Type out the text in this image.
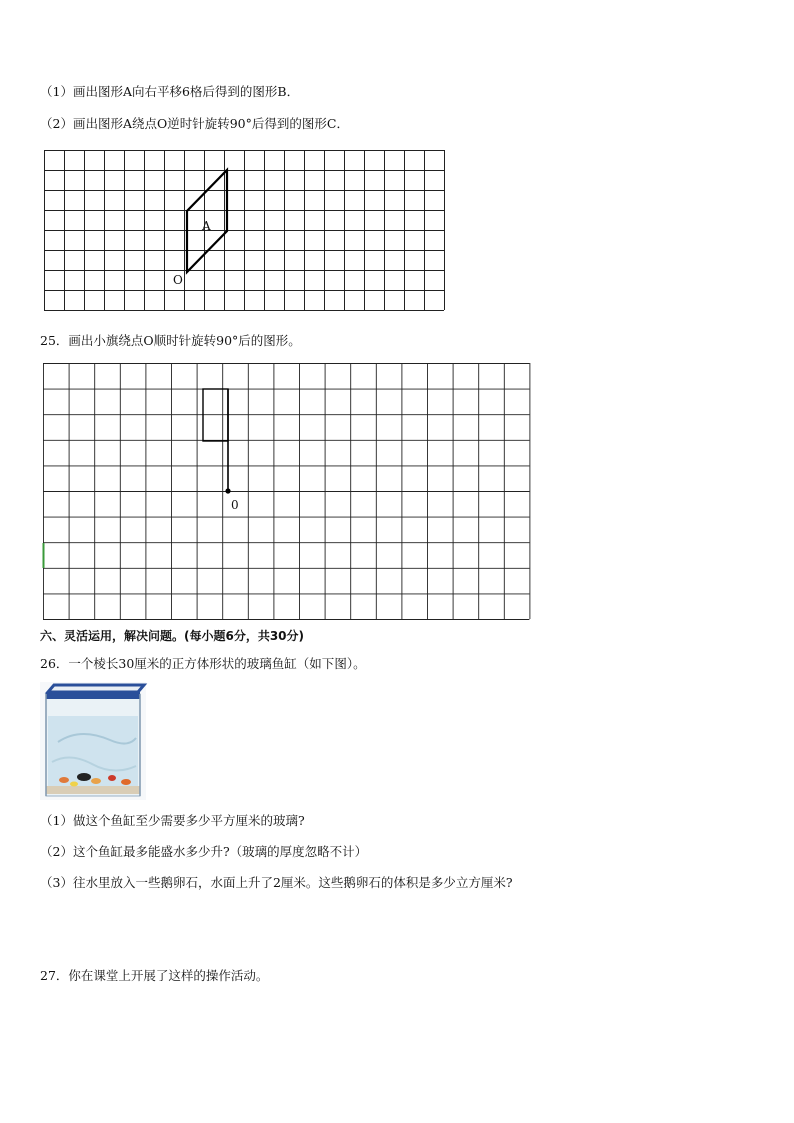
（1）画出图形A向右平移6格后得到的图形B．
（2）画出图形A绕点O逆时针旋转90°后得到的图形C．
A
O
25．画出小旗绕点O顺时针旋转90°后的图形。
0
六、灵活运用，解决问题。(每小题6分，共30分)
26．一个棱长30厘米的正方体形状的玻璃鱼缸（如下图）。
（1）做这个鱼缸至少需要多少平方厘米的玻璃?
（2）这个鱼缸最多能盛水多少升?（玻璃的厚度忽略不计）
（3）往水里放入一些鹅卵石，水面上升了2厘米。这些鹅卵石的体积是多少立方厘米?
27．你在课堂上开展了这样的操作活动。
